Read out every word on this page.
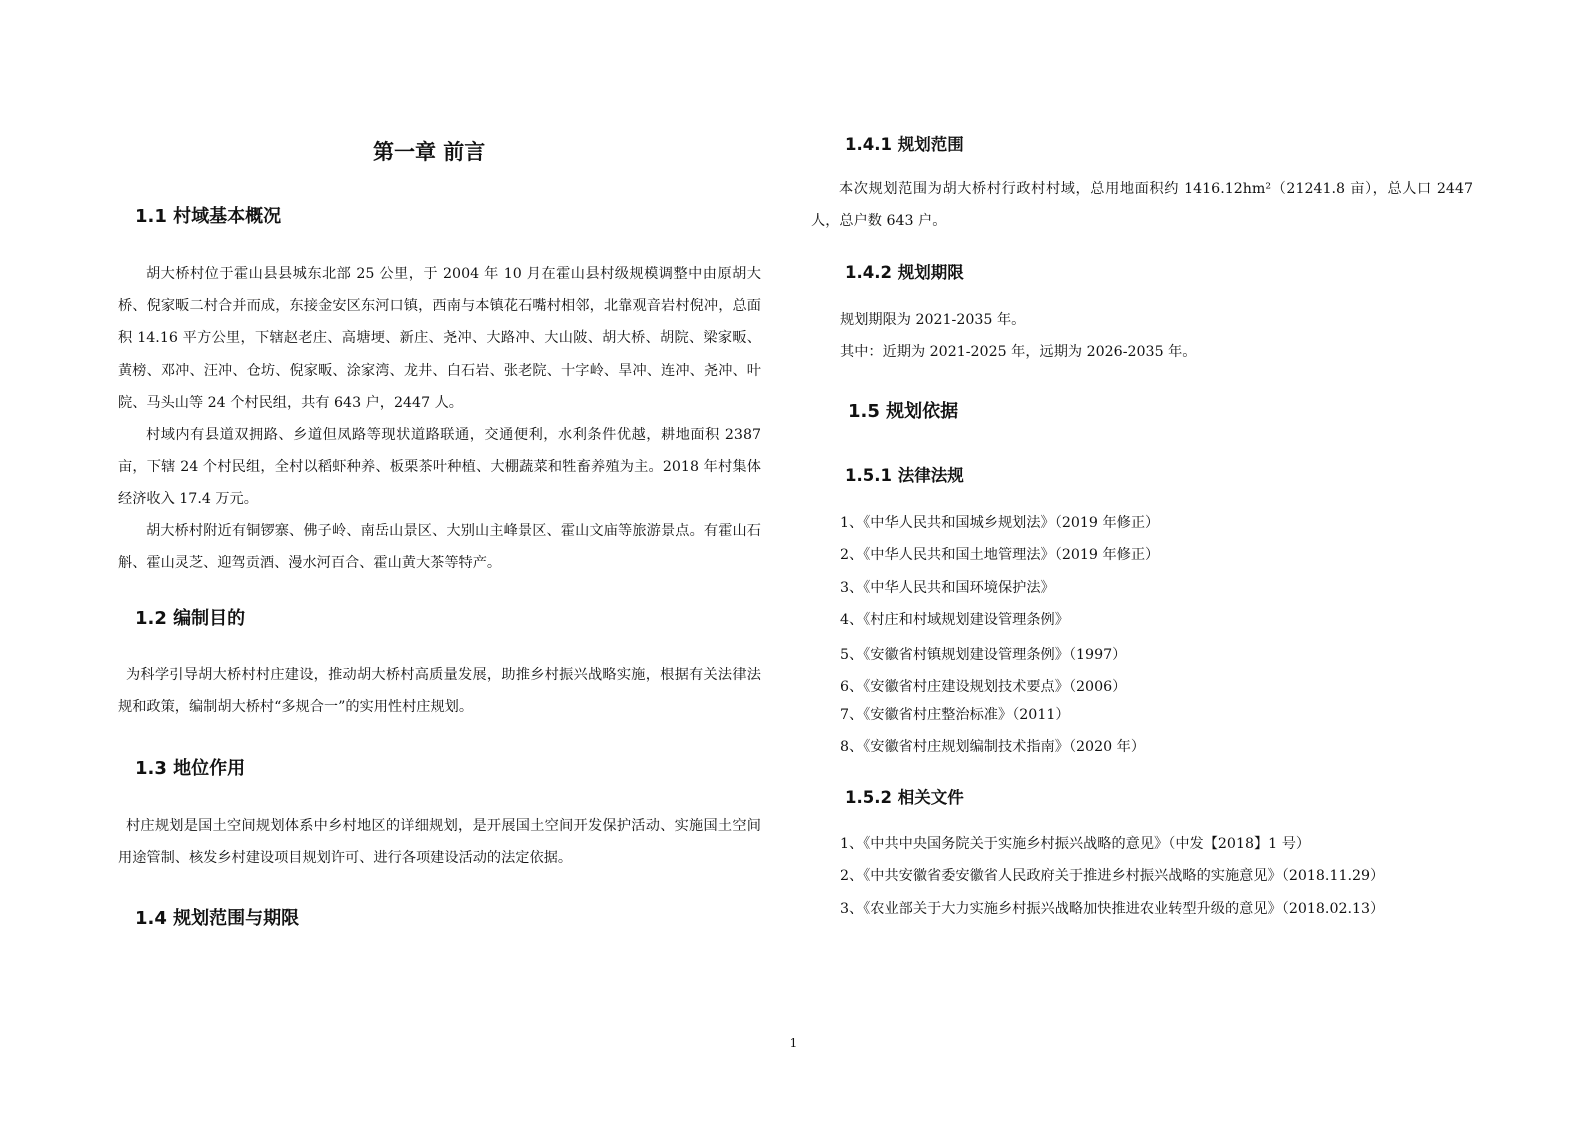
第一章 前言
1.1 村域基本概况
胡大桥村位于霍山县县城东北部 25 公里，于 2004 年 10 月在霍山县村级规模调整中由原胡大桥、倪家畈二村合并而成，东接金安区东河口镇，西南与本镇花石嘴村相邻，北靠观音岩村倪冲，总面积 14.16 平方公里，下辖赵老庄、高塘埂、新庄、尧冲、大路冲、大山陂、胡大桥、胡院、梁家畈、黄榜、邓冲、汪冲、仓坊、倪家畈、涂家湾、龙井、白石岩、张老院、十字岭、旱冲、连冲、尧冲、叶院、马头山等 24 个村民组，共有 643 户，2447 人。
村域内有县道双拥路、乡道但凤路等现状道路联通，交通便利，水利条件优越，耕地面积 2387 亩，下辖 24 个村民组，全村以稻虾种养、板栗茶叶种植、大棚蔬菜和牲畜养殖为主。2018 年村集体经济收入 17.4 万元。
胡大桥村附近有铜锣寨、佛子岭、南岳山景区、大别山主峰景区、霍山文庙等旅游景点。有霍山石斛、霍山灵芝、迎驾贡酒、漫水河百合、霍山黄大茶等特产。
1.2 编制目的
为科学引导胡大桥村村庄建设，推动胡大桥村高质量发展，助推乡村振兴战略实施，根据有关法律法规和政策，编制胡大桥村“多规合一”的实用性村庄规划。
1.3 地位作用
村庄规划是国土空间规划体系中乡村地区的详细规划，是开展国土空间开发保护活动、实施国土空间用途管制、核发乡村建设项目规划许可、进行各项建设活动的法定依据。
1.4 规划范围与期限
1.4.1 规划范围
本次规划范围为胡大桥村行政村村域，总用地面积约 1416.12hm²（21241.8 亩），总人口 2447 人，总户数 643 户。
1.4.2 规划期限
规划期限为 2021-2035 年。
其中：近期为 2021-2025 年，远期为 2026-2035 年。
1.5 规划依据
1.5.1 法律法规
1、《中华人民共和国城乡规划法》（2019 年修正）
2、《中华人民共和国土地管理法》（2019 年修正）
3、《中华人民共和国环境保护法》
4、《村庄和村域规划建设管理条例》
5、《安徽省村镇规划建设管理条例》（1997）
6、《安徽省村庄建设规划技术要点》（2006）
7、《安徽省村庄整治标准》（2011）
8、《安徽省村庄规划编制技术指南》（2020 年）
1.5.2 相关文件
1、《中共中央国务院关于实施乡村振兴战略的意见》（中发【2018】1 号）
2、《中共安徽省委安徽省人民政府关于推进乡村振兴战略的实施意见》（2018.11.29）
3、《农业部关于大力实施乡村振兴战略加快推进农业转型升级的意见》（2018.02.13）
1
